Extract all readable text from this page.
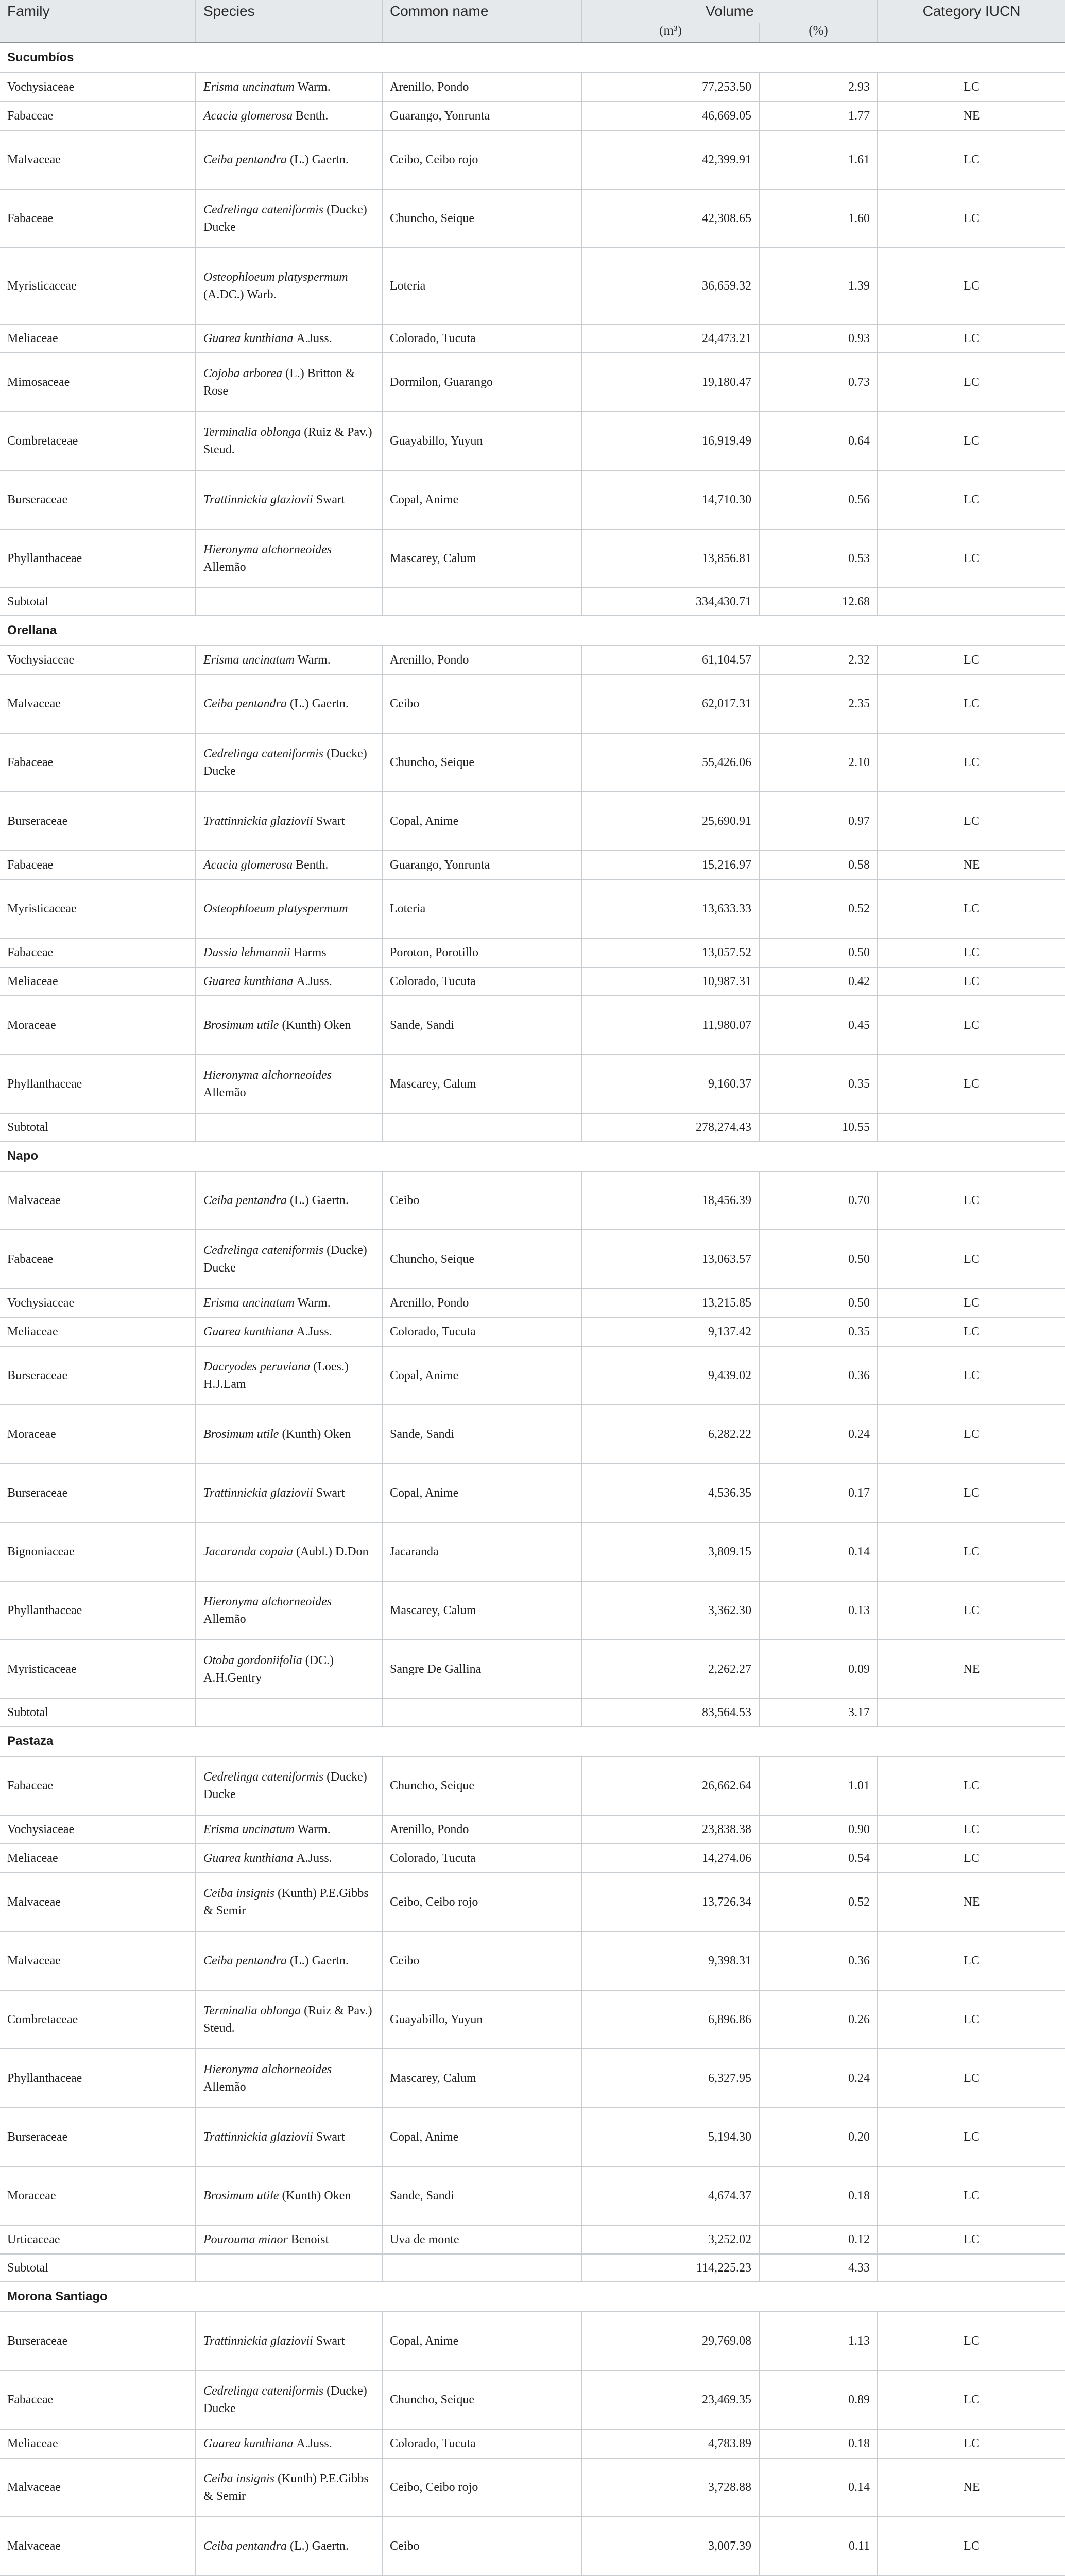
Family	Species	Common name	Volume		Category IUCN
			(m³)	(%)	
Sucumbíos					
Vochysiaceae	Erisma uncinatum Warm.	Arenillo, Pondo	77,253.50	2.93	LC
Fabaceae	Acacia glomerosa Benth.	Guarango, Yonrunta	46,669.05	1.77	NE
Malvaceae	Ceiba pentandra (L.) Gaertn.	Ceibo, Ceibo rojo	42,399.91	1.61	LC
Fabaceae	Cedrelinga cateniformis (Ducke) Ducke	Chuncho, Seique	42,308.65	1.60	LC
Myristicaceae	Osteophloeum platyspermum (A.DC.) Warb.	Loteria	36,659.32	1.39	LC
Meliaceae	Guarea kunthiana A.Juss.	Colorado, Tucuta	24,473.21	0.93	LC
Mimosaceae	Cojoba arborea (L.) Britton & Rose	Dormilon, Guarango	19,180.47	0.73	LC
Combretaceae	Terminalia oblonga (Ruiz & Pav.) Steud.	Guayabillo, Yuyun	16,919.49	0.64	LC
Burseraceae	Trattinnickia glaziovii Swart	Copal, Anime	14,710.30	0.56	LC
Phyllanthaceae	Hieronyma alchorneoides Allemão	Mascarey, Calum	13,856.81	0.53	LC
Subtotal			334,430.71	12.68	
Orellana					
Vochysiaceae	Erisma uncinatum Warm.	Arenillo, Pondo	61,104.57	2.32	LC
Malvaceae	Ceiba pentandra (L.) Gaertn.	Ceibo	62,017.31	2.35	LC
Fabaceae	Cedrelinga cateniformis (Ducke) Ducke	Chuncho, Seique	55,426.06	2.10	LC
Burseraceae	Trattinnickia glaziovii Swart	Copal, Anime	25,690.91	0.97	LC
Fabaceae	Acacia glomerosa Benth.	Guarango, Yonrunta	15,216.97	0.58	NE
Myristicaceae	Osteophloeum platyspermum	Loteria	13,633.33	0.52	LC
Fabaceae	Dussia lehmannii Harms	Poroton, Porotillo	13,057.52	0.50	LC
Meliaceae	Guarea kunthiana A.Juss.	Colorado, Tucuta	10,987.31	0.42	LC
Moraceae	Brosimum utile (Kunth) Oken	Sande, Sandi	11,980.07	0.45	LC
Phyllanthaceae	Hieronyma alchorneoides Allemão	Mascarey, Calum	9,160.37	0.35	LC
Subtotal			278,274.43	10.55	
Napo					
Malvaceae	Ceiba pentandra (L.) Gaertn.	Ceibo	18,456.39	0.70	LC
Fabaceae	Cedrelinga cateniformis (Ducke) Ducke	Chuncho, Seique	13,063.57	0.50	LC
Vochysiaceae	Erisma uncinatum Warm.	Arenillo, Pondo	13,215.85	0.50	LC
Meliaceae	Guarea kunthiana A.Juss.	Colorado, Tucuta	9,137.42	0.35	LC
Burseraceae	Dacryodes peruviana (Loes.) H.J.Lam	Copal, Anime	9,439.02	0.36	LC
Moraceae	Brosimum utile (Kunth) Oken	Sande, Sandi	6,282.22	0.24	LC
Burseraceae	Trattinnickia glaziovii Swart	Copal, Anime	4,536.35	0.17	LC
Bignoniaceae	Jacaranda copaia (Aubl.) D.Don	Jacaranda	3,809.15	0.14	LC
Phyllanthaceae	Hieronyma alchorneoides Allemão	Mascarey, Calum	3,362.30	0.13	LC
Myristicaceae	Otoba gordoniifolia (DC.) A.H.Gentry	Sangre De Gallina	2,262.27	0.09	NE
Subtotal			83,564.53	3.17	
Pastaza					
Fabaceae	Cedrelinga cateniformis (Ducke) Ducke	Chuncho, Seique	26,662.64	1.01	LC
Vochysiaceae	Erisma uncinatum Warm.	Arenillo, Pondo	23,838.38	0.90	LC
Meliaceae	Guarea kunthiana A.Juss.	Colorado, Tucuta	14,274.06	0.54	LC
Malvaceae	Ceiba insignis (Kunth) P.E.Gibbs & Semir	Ceibo, Ceibo rojo	13,726.34	0.52	NE
Malvaceae	Ceiba pentandra (L.) Gaertn.	Ceibo	9,398.31	0.36	LC
Combretaceae	Terminalia oblonga (Ruiz & Pav.) Steud.	Guayabillo, Yuyun	6,896.86	0.26	LC
Phyllanthaceae	Hieronyma alchorneoides Allemão	Mascarey, Calum	6,327.95	0.24	LC
Burseraceae	Trattinnickia glaziovii Swart	Copal, Anime	5,194.30	0.20	LC
Moraceae	Brosimum utile (Kunth) Oken	Sande, Sandi	4,674.37	0.18	LC
Urticaceae	Pourouma minor Benoist	Uva de monte	3,252.02	0.12	LC
Subtotal			114,225.23	4.33	
Morona Santiago					
Burseraceae	Trattinnickia glaziovii Swart	Copal, Anime	29,769.08	1.13	LC
Fabaceae	Cedrelinga cateniformis (Ducke) Ducke	Chuncho, Seique	23,469.35	0.89	LC
Meliaceae	Guarea kunthiana A.Juss.	Colorado, Tucuta	4,783.89	0.18	LC
Malvaceae	Ceiba insignis (Kunth) P.E.Gibbs & Semir	Ceibo, Ceibo rojo	3,728.88	0.14	NE
Malvaceae	Ceiba pentandra (L.) Gaertn.	Ceibo	3,007.39	0.11	LC
